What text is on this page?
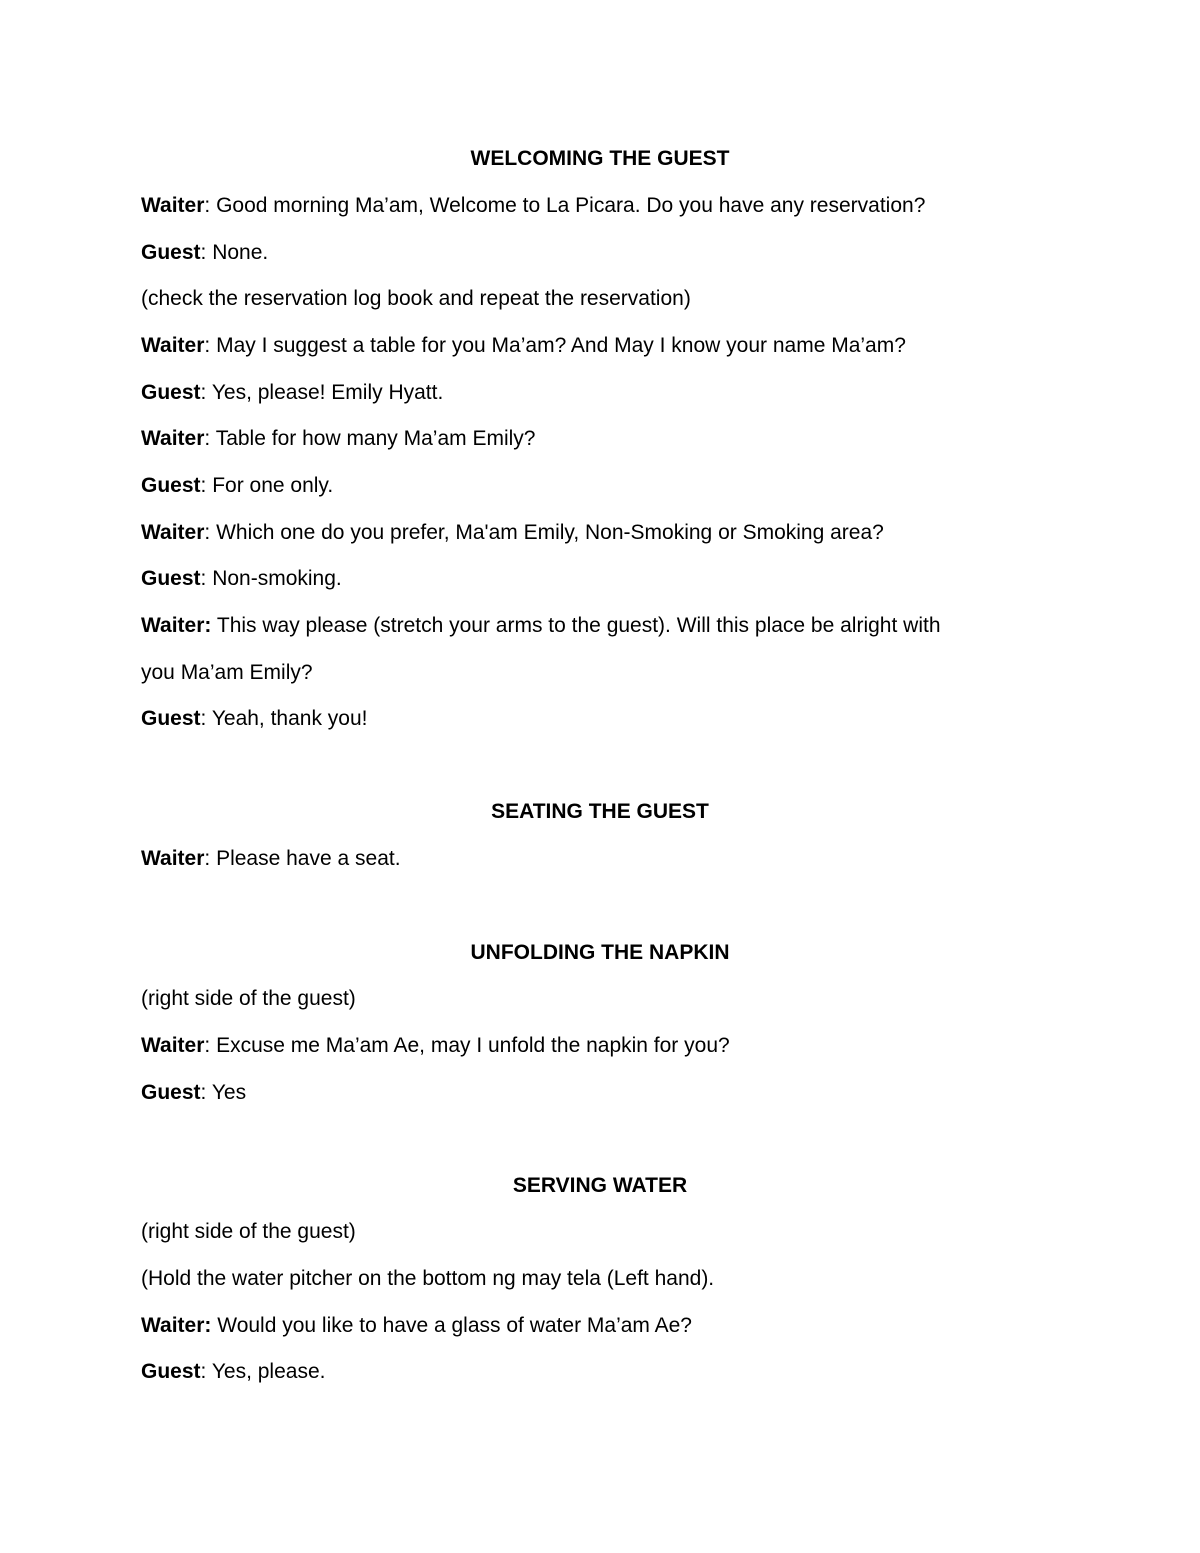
WELCOMING THE GUEST
Waiter: Good morning Ma’am, Welcome to La Picara. Do you have any reservation?
Guest: None.
(check the reservation log book and repeat the reservation)
Waiter: May I suggest a table for you Ma’am? And May I know your name Ma’am?
Guest: Yes, please! Emily Hyatt.
Waiter: Table for how many Ma’am Emily?
Guest: For one only.
Waiter: Which one do you prefer, Ma'am Emily, Non-Smoking or Smoking area?
Guest: Non-smoking.
Waiter: This way please (stretch your arms to the guest). Will this place be alright with
you Ma’am Emily?
Guest: Yeah, thank you!
SEATING THE GUEST
Waiter: Please have a seat.
UNFOLDING THE NAPKIN
(right side of the guest)
Waiter: Excuse me Ma’am Ae, may I unfold the napkin for you?
Guest: Yes
SERVING WATER
(right side of the guest)
(Hold the water pitcher on the bottom ng may tela (Left hand).
Waiter: Would you like to have a glass of water Ma’am Ae?
Guest: Yes, please.
